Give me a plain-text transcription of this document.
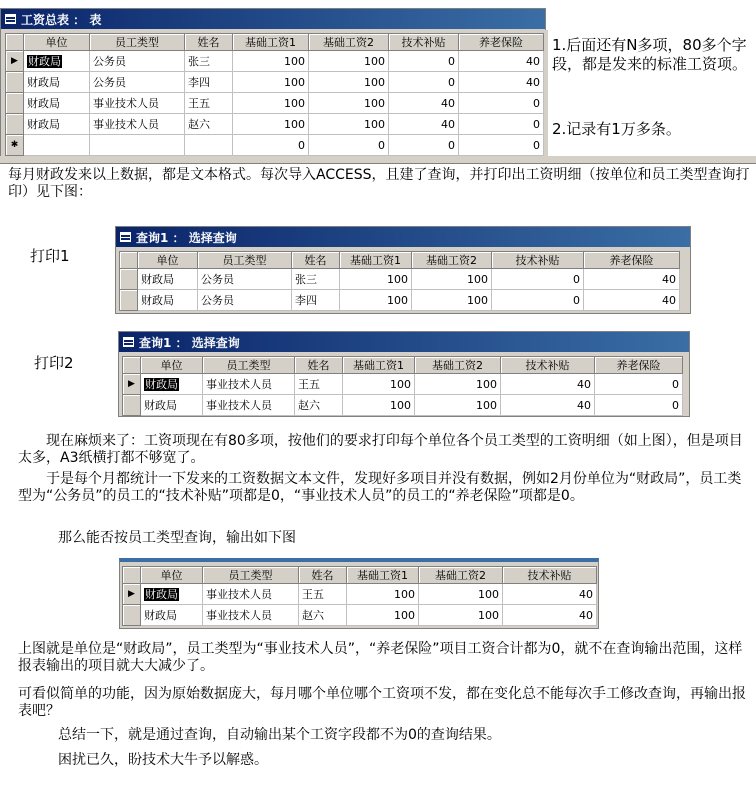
工资总表 ： 表
	单位	员工类型	姓名	基础工资1	基础工资2	技术补贴	养老保险
▶	财政局	公务员	张三	100	100	0	40
	财政局	公务员	李四	100	100	0	40
	财政局	事业技术人员	王五	100	100	40	0
	财政局	事业技术人员	赵六	100	100	40	0
✱				0	0	0	0
1.后面还有N多项，80多个字段，都是发来的标准工资项。
2.记录有1万多条。
每月财政发来以上数据，都是文本格式。每次导入ACCESS，且建了查询，并打印出工资明细（按单位和员工类型查询打印）见下图：
打印1
查询1 ： 选择查询
	单位	员工类型	姓名	基础工资1	基础工资2	技术补贴	养老保险
	财政局	公务员	张三	100	100	0	40
	财政局	公务员	李四	100	100	0	40
打印2
查询1 ： 选择查询
	单位	员工类型	姓名	基础工资1	基础工资2	技术补贴	养老保险
▶	财政局	事业技术人员	王五	100	100	40	0
	财政局	事业技术人员	赵六	100	100	40	0
现在麻烦来了：工资项现在有80多项，按他们的要求打印每个单位各个员工类型的工资明细（如上图），但是项目太多，A3纸横打都不够宽了。
于是每个月都统计一下发来的工资数据文本文件，发现好多项目并没有数据，例如2月份单位为“财政局”，员工类型为“公务员”的员工的“技术补贴”项都是0，“事业技术人员”的员工的“养老保险”项都是0。
那么能否按员工类型查询，输出如下图
	单位	员工类型	姓名	基础工资1	基础工资2	技术补贴
▶	财政局	事业技术人员	王五	100	100	40
	财政局	事业技术人员	赵六	100	100	40
上图就是单位是“财政局”，员工类型为“事业技术人员”，“养老保险”项目工资合计都为0，就不在查询输出范围，这样报表输出的项目就大大减少了。
可看似简单的功能，因为原始数据庞大，每月哪个单位哪个工资项不发，都在变化总不能每次手工修改查询，再输出报表吧？
总结一下，就是通过查询，自动输出某个工资字段都不为0的查询结果。
困扰已久，盼技术大牛予以解惑。
